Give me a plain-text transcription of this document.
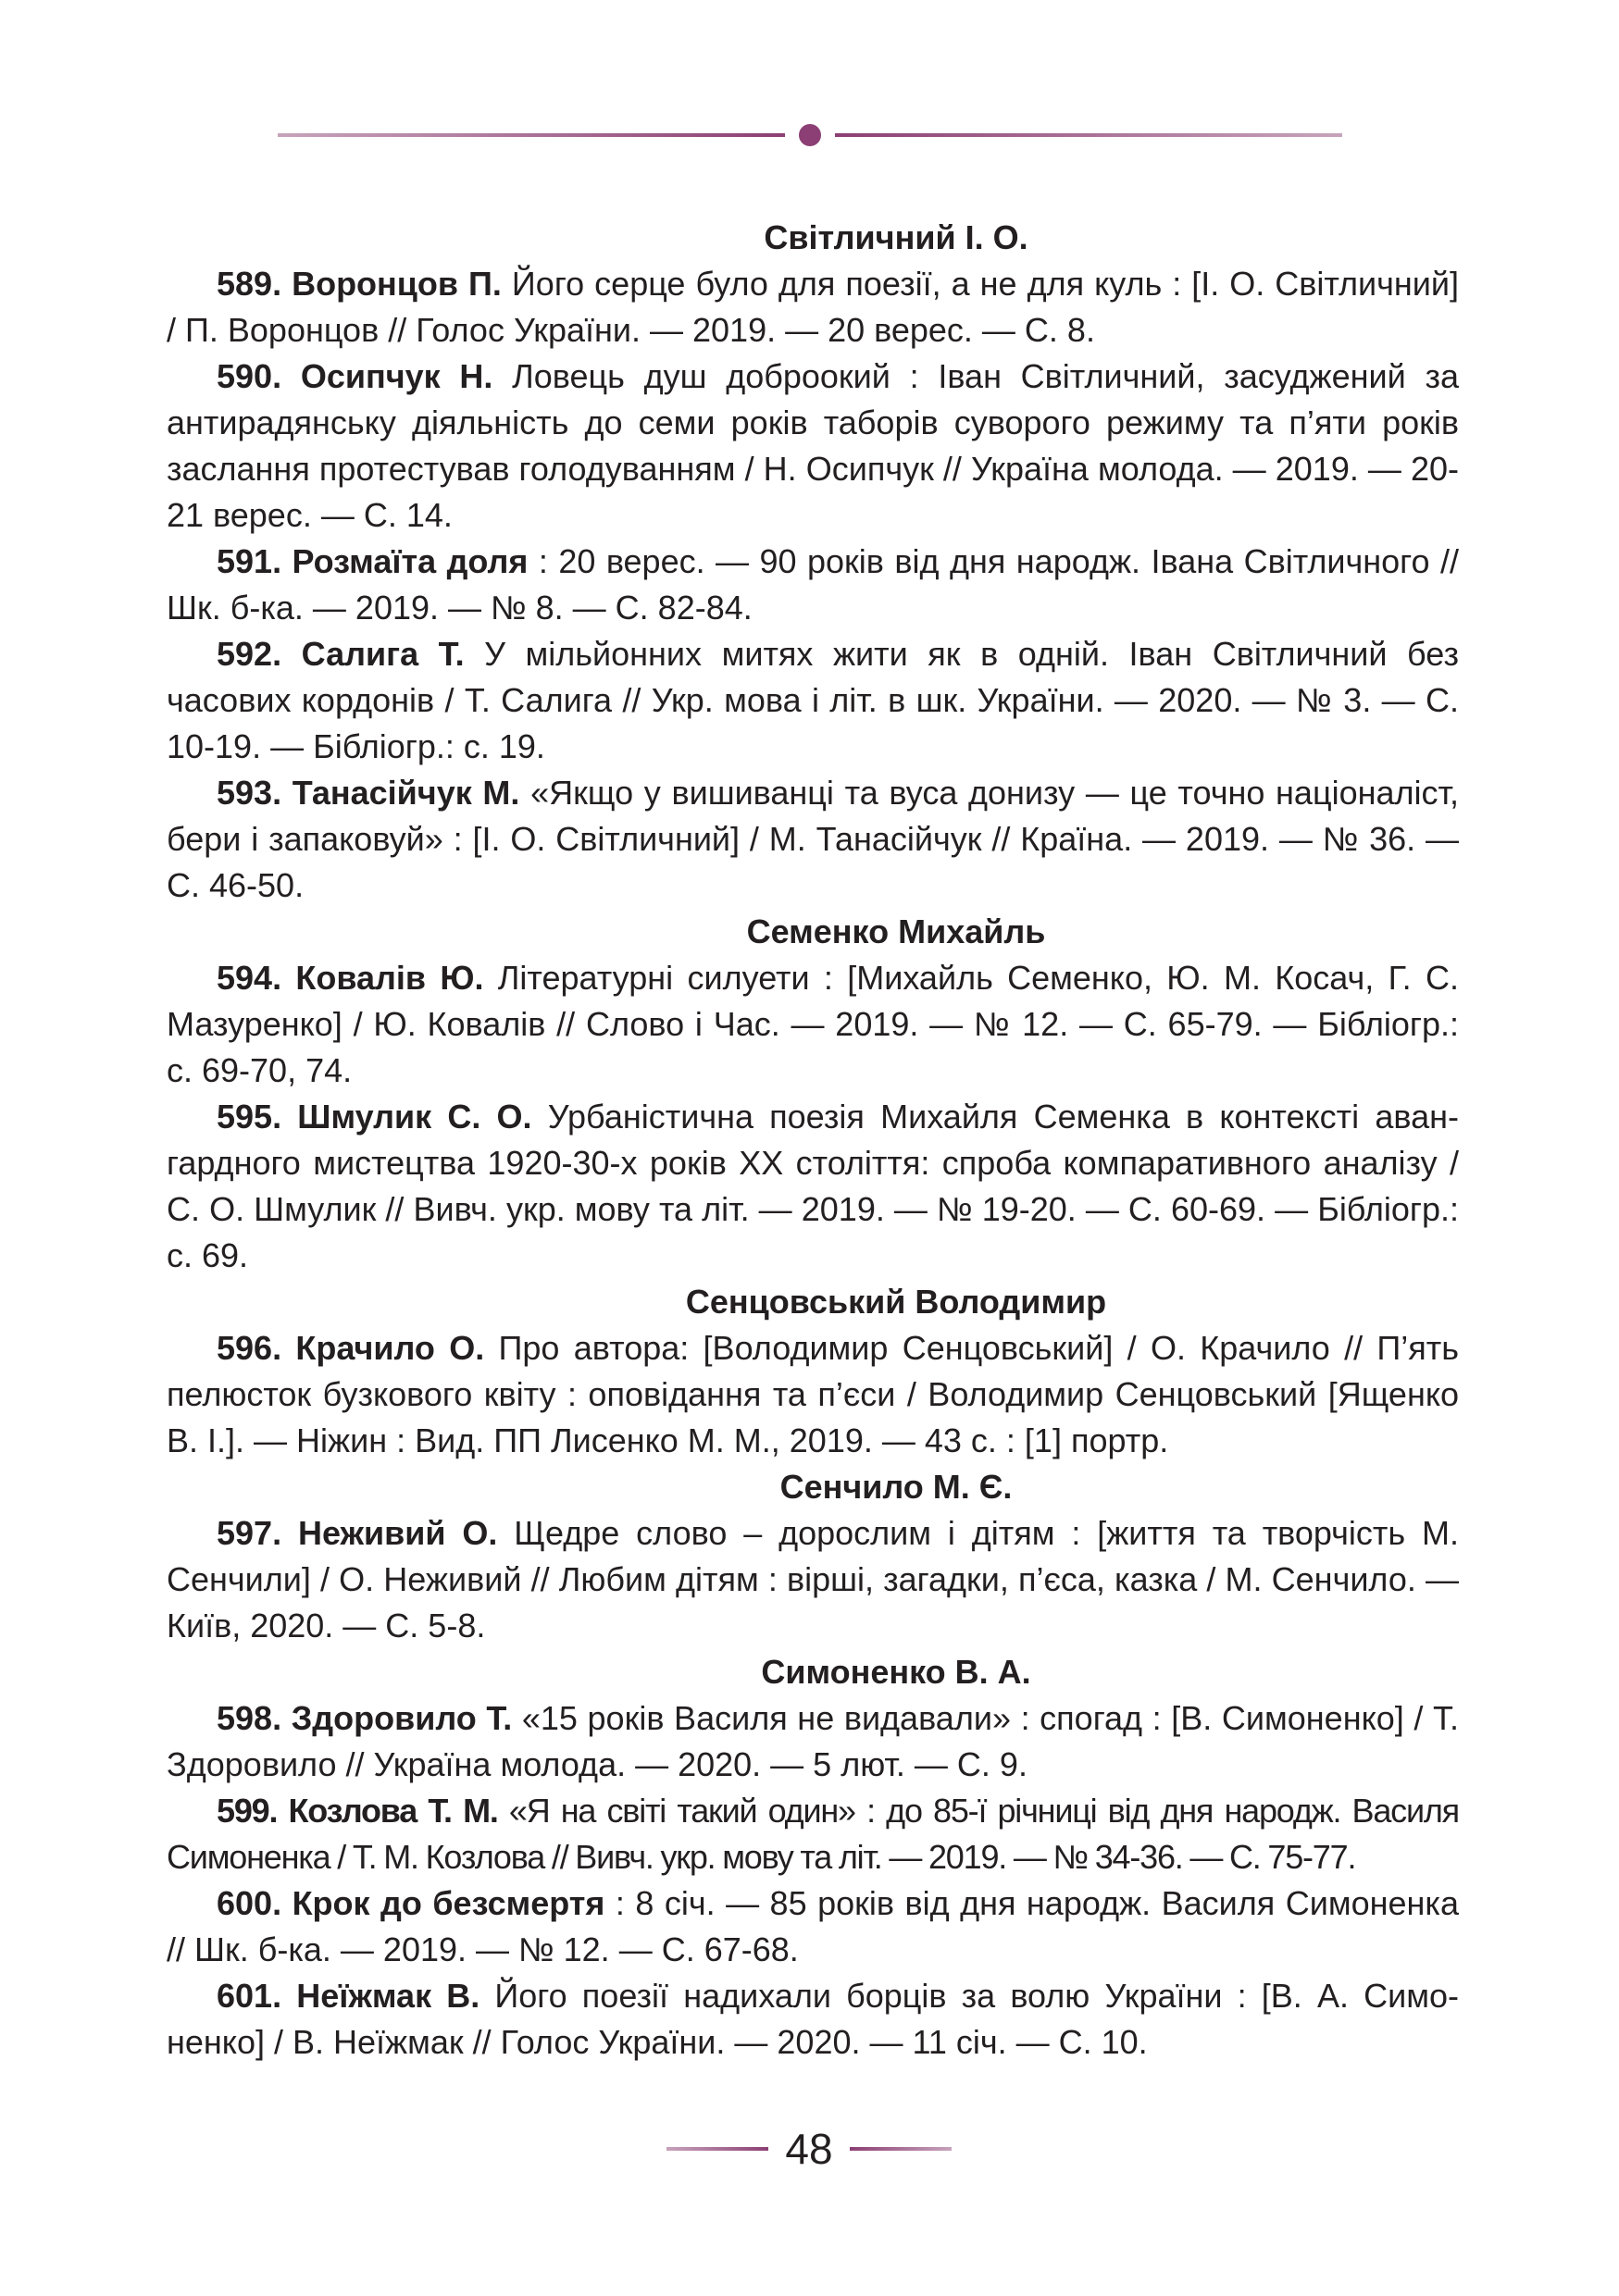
Світличний І. О.

589. Воронцов П. Його серце було для поезії, а не для куль : [І. О. Світличний] / П. Воронцов // Голос України. — 2019. — 20 верес. — С. 8.

590. Осипчук Н. Ловець душ доброокий : Іван Світличний, засуджений за антирадянську діяльність до семи років таборів суворого режиму та п’яти років заслання протестував голодуванням / Н. Осипчук // Україна молода. — 2019. — 20-21 верес. — С. 14.

591. Розмаїта доля : 20 верес. — 90 років від дня народж. Івана Світличного // Шк. б-ка. — 2019. — № 8. — С. 82-84.

592. Салига Т. У мільйонних митях жити як в одній. Іван Світличний без часових кордонів / Т. Салига // Укр. мова і літ. в шк. України. — 2020. — № 3. — С. 10-19. — Бібліогр.: с. 19.

593. Танасійчук М. «Якщо у вишиванці та вуса донизу — це точно націоналіст, бери і запаковуй» : [І. О. Світличний] / М. Танасійчук // Країна. — 2019. — № 36. — С. 46-50.

Семенко Михайль

594. Ковалів Ю. Літературні силуети : [Михайль Семенко, Ю. М. Косач, Г. С. Мазуренко] / Ю. Ковалів // Слово і Час. — 2019. — № 12. — С. 65-79. — Бібліогр.: с. 69-70, 74.

595. Шмулик С. О. Урбаністична поезія Михайля Семенка в контексті авангардного мистецтва 1920-30-х років ХХ століття: спроба компаративного аналізу / С. О. Шмулик // Вивч. укр. мову та літ. — 2019. — № 19-20. — С. 60-69. — Бібліогр.: с. 69.

Сенцовський Володимир

596. Крачило О. Про автора: [Володимир Сенцовський] / О. Крачило // П’ять пелюсток бузкового квіту : оповідання та п’єси / Володимир Сенцовський [Ященко В. І.]. — Ніжин : Вид. ПП Лисенко М. М., 2019. — 43 с. : [1] портр.

Сенчило М. Є.

597. Неживий О. Щедре слово – дорослим і дітям : [життя та творчість М. Сенчили] / О. Неживий // Любим дітям : вірші, загадки, п’єса, казка / М. Сенчило. — Київ, 2020. — С. 5-8.

Симоненко В. А.

598. Здоровило Т. «15 років Василя не видавали» : спогад : [В. Симоненко] / Т. Здоровило // Україна молода. — 2020. — 5 лют. — С. 9.

599. Козлова Т. М. «Я на світі такий один» : до 85-ї річниці від дня народж. Василя Симоненка / Т. М. Козлова // Вивч. укр. мову та літ. — 2019. — № 34-36. — С. 75-77.

600. Крок до безсмертя : 8 січ. — 85 років від дня народж. Василя Симоненка // Шк. б-ка. — 2019. — № 12. — С. 67-68.

601. Неїжмак В. Його поезії надихали борців за волю України : [В. А. Симоненко] / В. Неїжмак // Голос України. — 2020. — 11 січ. — С. 10.

48
